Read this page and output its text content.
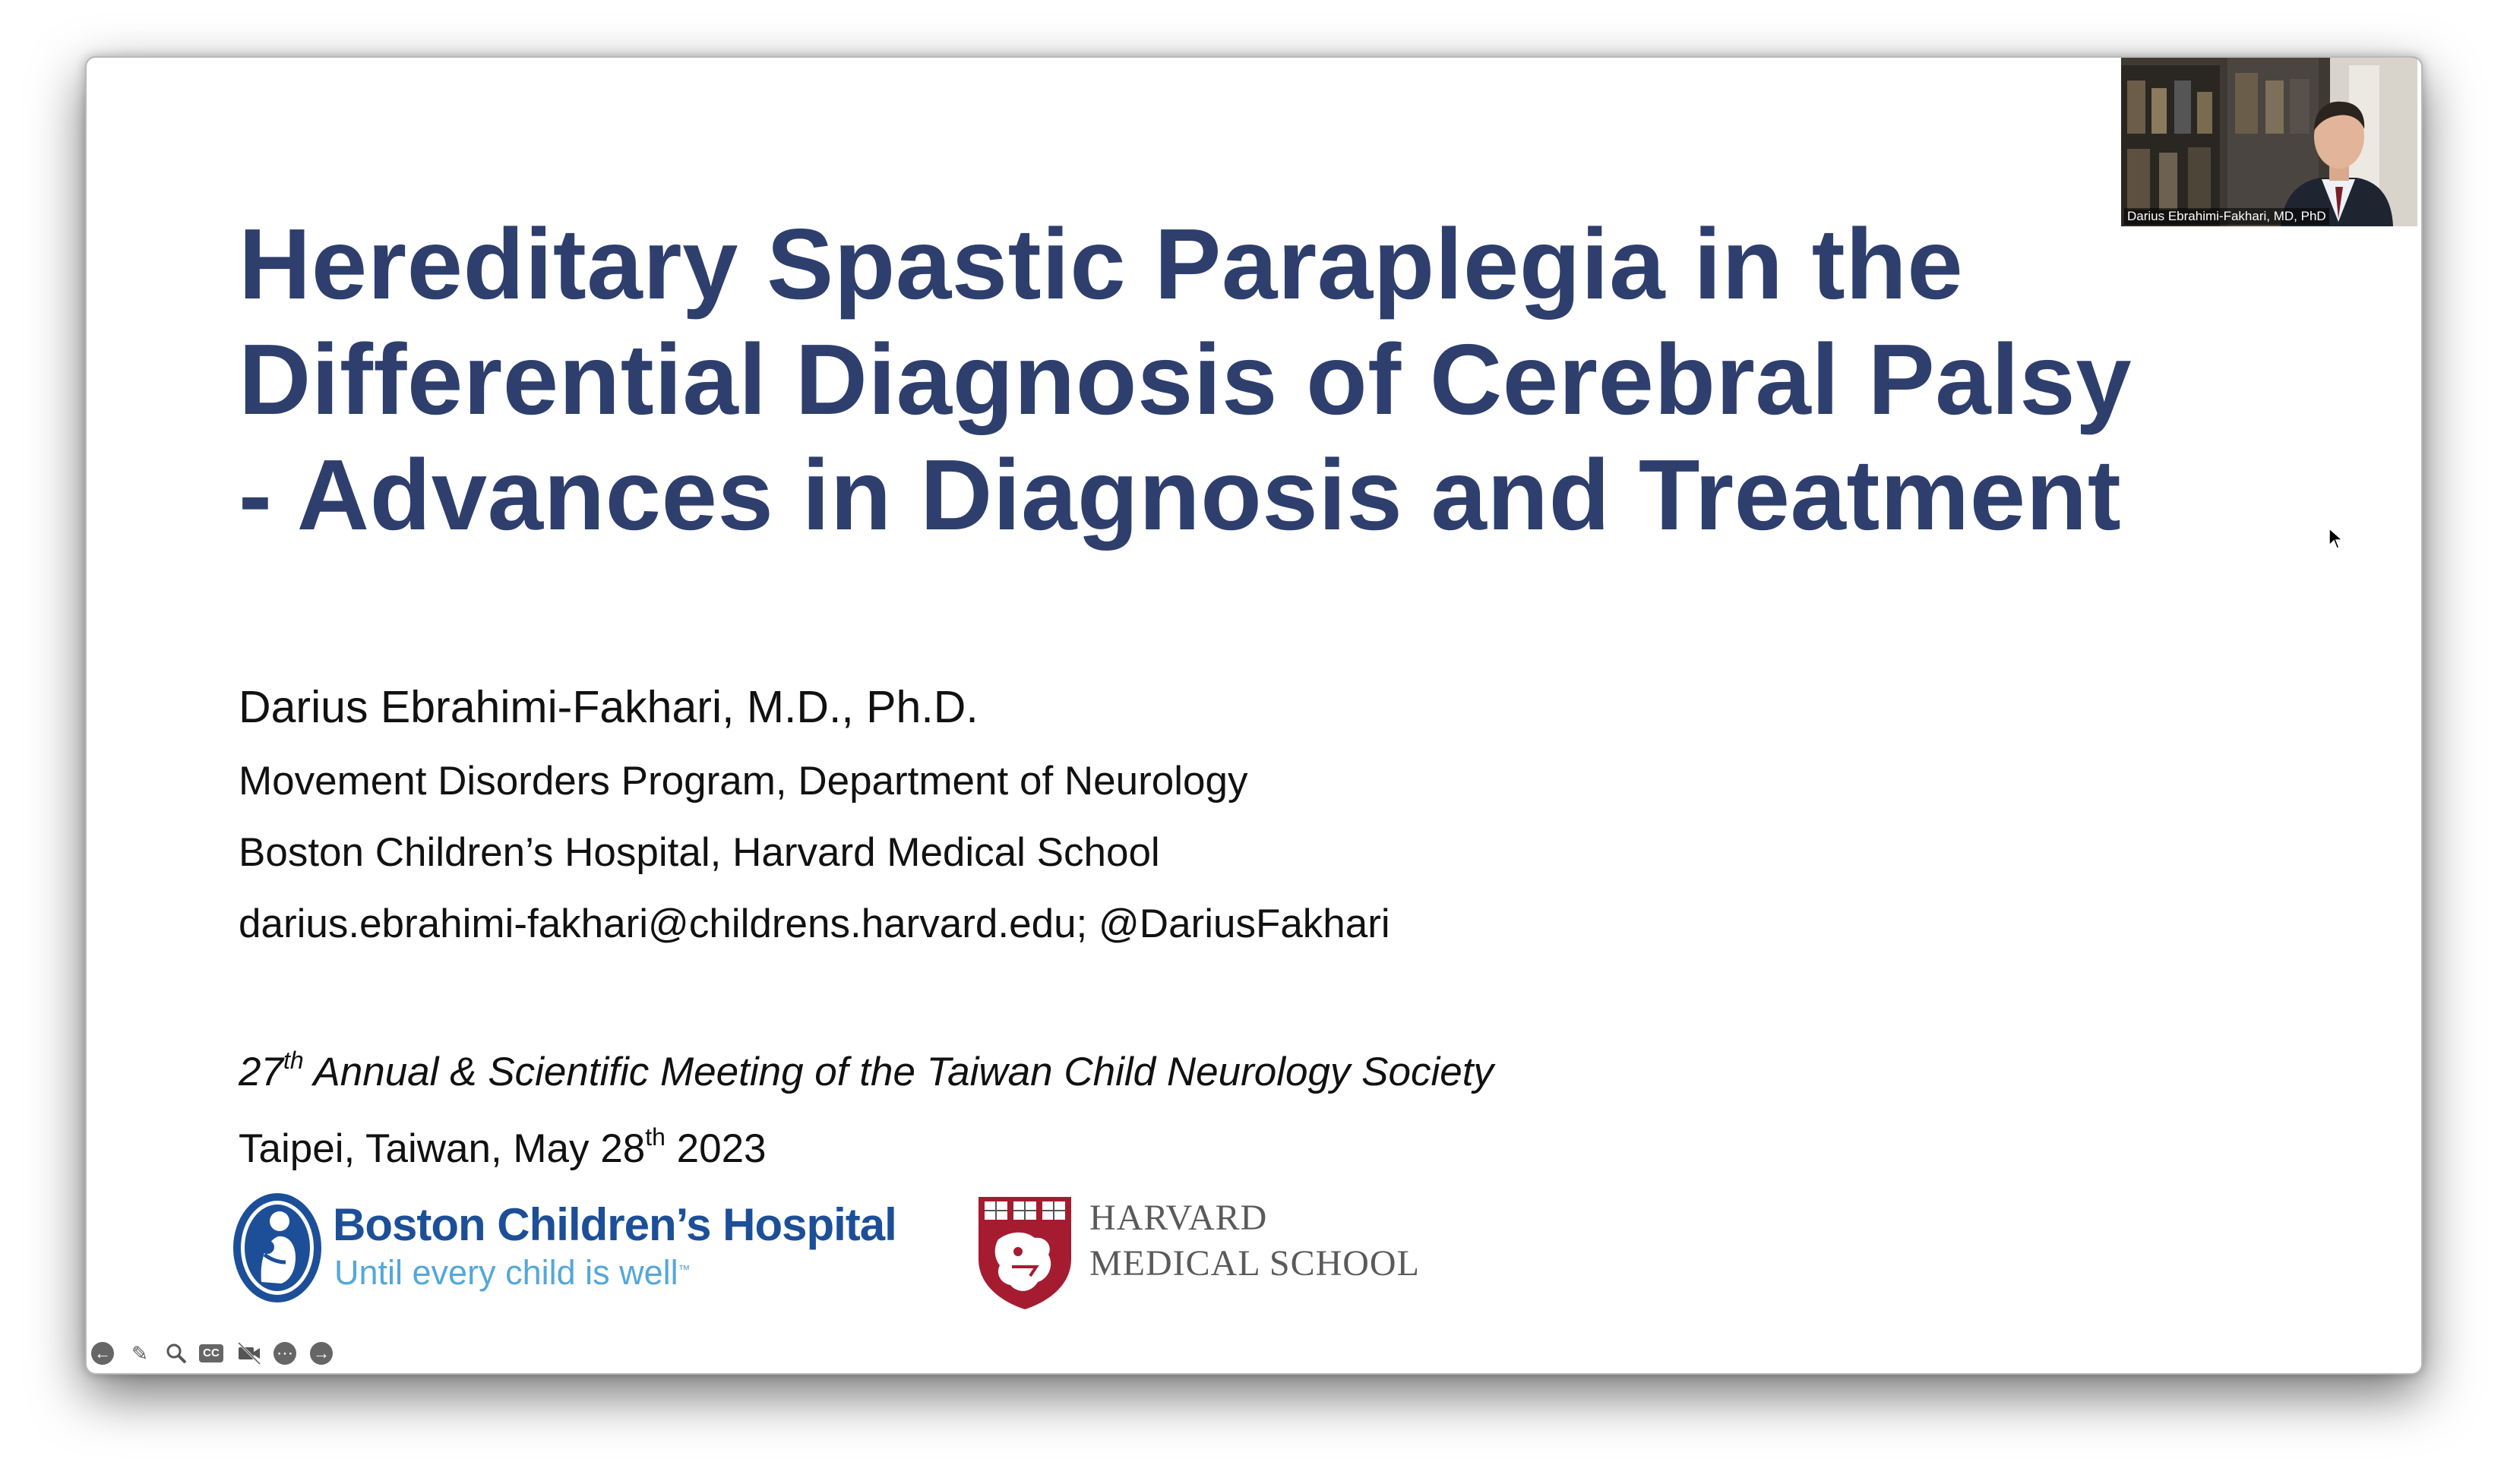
Hereditary Spastic Paraplegia in the
Differential Diagnosis of Cerebral Palsy
- Advances in Diagnosis and Treatment
Darius Ebrahimi-Fakhari, M.D., Ph.D.
Movement Disorders Program, Department of Neurology
Boston Children’s Hospital, Harvard Medical School
darius.ebrahimi-fakhari@childrens.harvard.edu; @DariusFakhari
27th Annual & Scientific Meeting of the Taiwan Child Neurology Society
Taipei, Taiwan, May 28th 2023
Boston Children’s Hospital
Until every child is well™
HARVARD
MEDICAL SCHOOL
Darius Ebrahimi-Fakhari, MD, PhD
← ✎	CC	⋯ →
